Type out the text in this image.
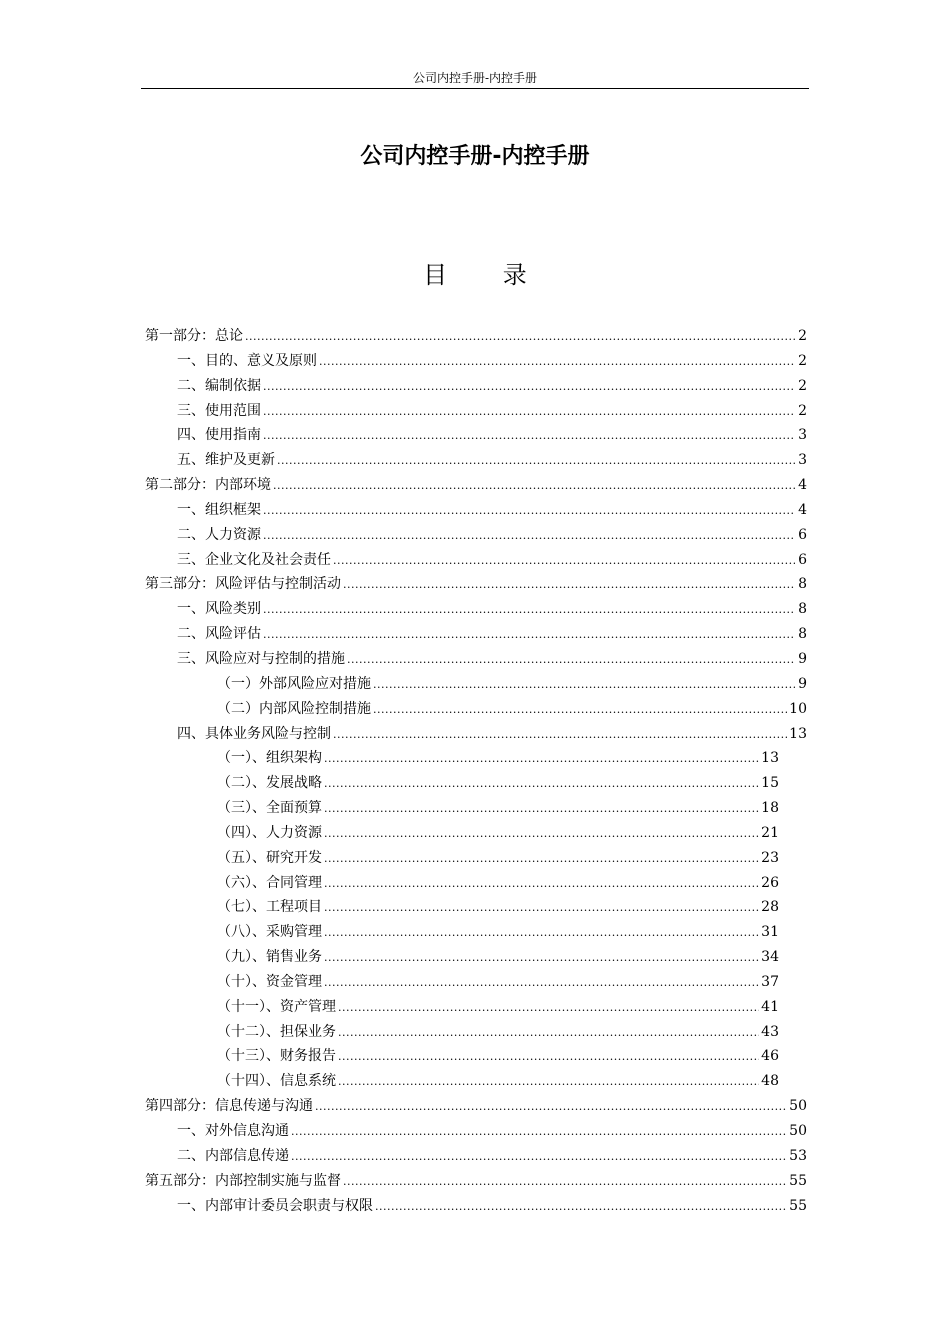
公司内控手册-内控手册
公司内控手册-内控手册
目 录
第一部分：总论 .....	2
一、目的、意义及原则 .....	2
二、编制依据 .....	2
三、使用范围 .....	2
四、使用指南 .....	3
五、维护及更新 .....	3
第二部分：内部环境 .....	4
一、组织框架 .....	4
二、人力资源 .....	6
三、企业文化及社会责任 .....	6
第三部分：风险评估与控制活动 .....	8
一、风险类别 .....	8
二、风险评估 .....	8
三、风险应对与控制的措施 .....	9
（一）外部风险应对措施 .....	9
（二）内部风险控制措施 .....	10
四、具体业务风险与控制 .....	13
（一）、组织架构 .....	13
（二）、发展战略 .....	15
（三）、全面预算 .....	18
（四）、人力资源 .....	21
（五）、研究开发 .....	23
（六）、合同管理 .....	26
（七）、工程项目 .....	28
（八）、采购管理 .....	31
（九）、销售业务 .....	34
（十）、资金管理 .....	37
（十一）、资产管理 .....	41
（十二）、担保业务 .....	43
（十三）、财务报告 .....	46
（十四）、信息系统 .....	48
第四部分：信息传递与沟通 .....	50
一、对外信息沟通 .....	50
二、内部信息传递 .....	53
第五部分：内部控制实施与监督 .....	55
一、内部审计委员会职责与权限 .....	55
